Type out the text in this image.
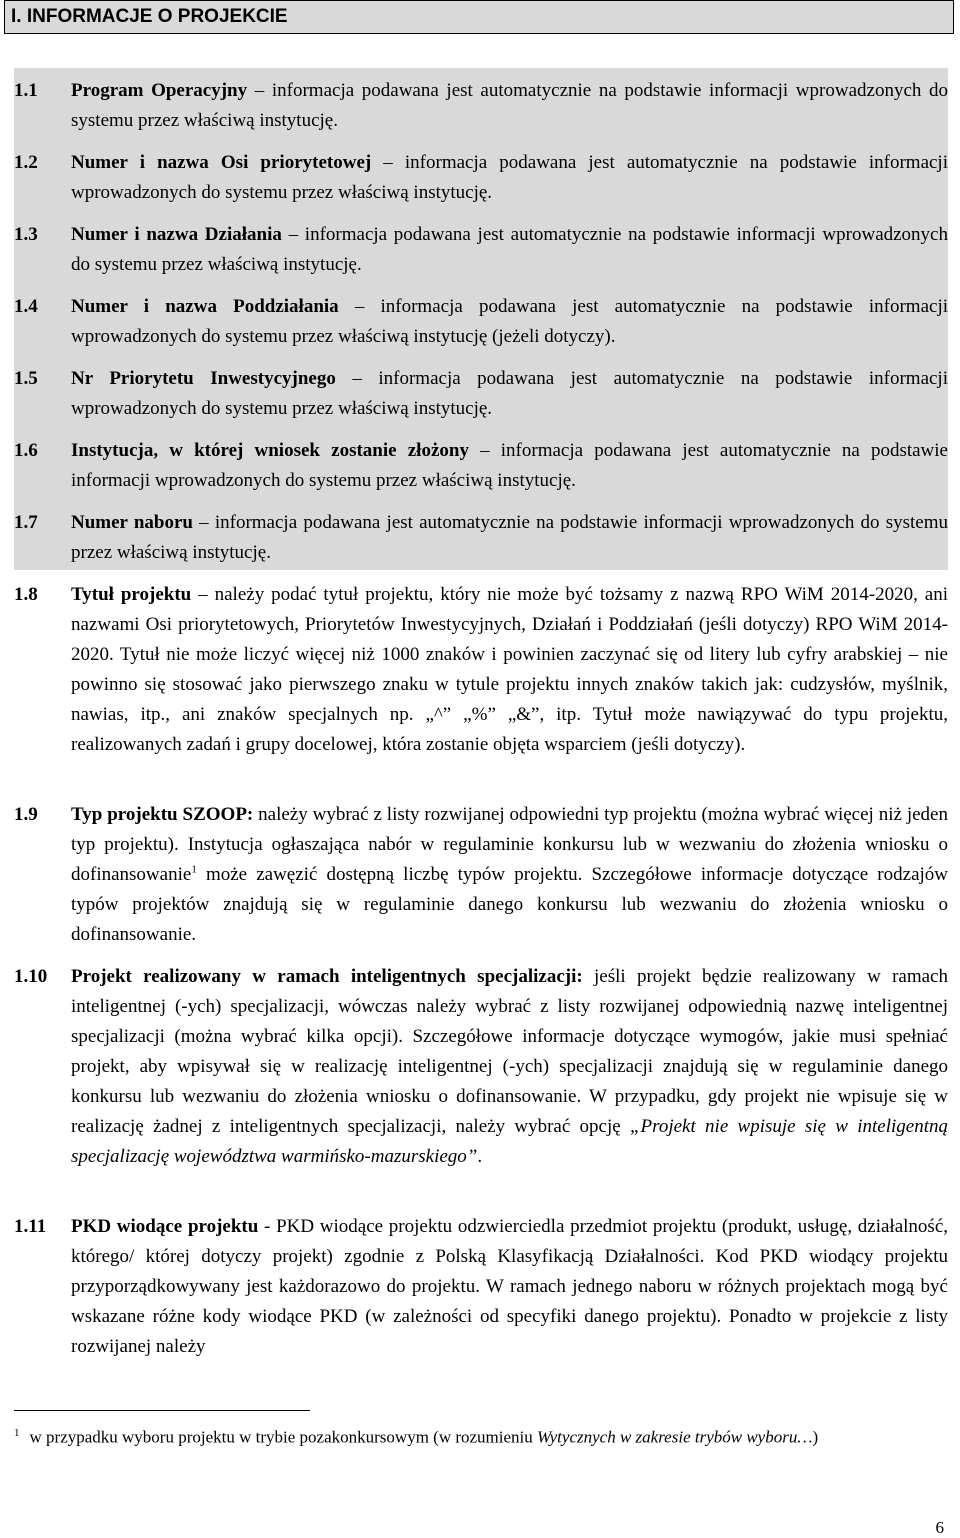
I. INFORMACJE O PROJEKCIE
1.1 Program Operacyjny – informacja podawana jest automatycznie na podstawie informacji wprowadzonych do systemu przez właściwą instytucję.
1.2 Numer i nazwa Osi priorytetowej – informacja podawana jest automatycznie na podstawie informacji wprowadzonych do systemu przez właściwą instytucję.
1.3 Numer i nazwa Działania – informacja podawana jest automatycznie na podstawie informacji wprowadzonych do systemu przez właściwą instytucję.
1.4 Numer i nazwa Poddziałania – informacja podawana jest automatycznie na podstawie informacji wprowadzonych do systemu przez właściwą instytucję (jeżeli dotyczy).
1.5 Nr Priorytetu Inwestycyjnego – informacja podawana jest automatycznie na podstawie informacji wprowadzonych do systemu przez właściwą instytucję.
1.6 Instytucja, w której wniosek zostanie złożony – informacja podawana jest automatycznie na podstawie informacji wprowadzonych do systemu przez właściwą instytucję.
1.7 Numer naboru – informacja podawana jest automatycznie na podstawie informacji wprowadzonych do systemu przez właściwą instytucję.
1.8 Tytuł projektu – należy podać tytuł projektu, który nie może być tożsamy z nazwą RPO WiM 2014-2020, ani nazwami Osi priorytetowych, Priorytetów Inwestycyjnych, Działań i Poddziałań (jeśli dotyczy) RPO WiM 2014-2020. Tytuł nie może liczyć więcej niż 1000 znaków i powinien zaczynać się od litery lub cyfry arabskiej – nie powinno się stosować jako pierwszego znaku w tytule projektu innych znaków takich jak: cudzysłów, myślnik, nawias, itp., ani znaków specjalnych np. „^” „%” „&”, itp. Tytuł może nawiązywać do typu projektu, realizowanych zadań i grupy docelowej, która zostanie objęta wsparciem (jeśli dotyczy).
1.9 Typ projektu SZOOP: należy wybrać z listy rozwijanej odpowiedni typ projektu (można wybrać więcej niż jeden typ projektu). Instytucja ogłaszająca nabór w regulaminie konkursu lub w wezwaniu do złożenia wniosku o dofinansowanie$^1$ może zawęzić dostępną liczbę typów projektu. Szczegółowe informacje dotyczące rodzajów typów projektów znajdują się w regulaminie danego konkursu lub wezwaniu do złożenia wniosku o dofinansowanie.
1.10 Projekt realizowany w ramach inteligentnych specjalizacji: jeśli projekt będzie realizowany w ramach inteligentnej (-ych) specjalizacji, wówczas należy wybrać z listy rozwijanej odpowiednią nazwę inteligentnej specjalizacji (można wybrać kilka opcji). Szczegółowe informacje dotyczące wymogów, jakie musi spełniać projekt, aby wpisywał się w realizację inteligentnej (-ych) specjalizacji znajdują się w regulaminie danego konkursu lub wezwaniu do złożenia wniosku o dofinansowanie. W przypadku, gdy projekt nie wpisuje się w realizację żadnej z inteligentnych specjalizacji, należy wybrać opcję „Projekt nie wpisuje się w inteligentną specjalizację województwa warmińsko-mazurskiego”.
1.11 PKD wiodące projektu - PKD wiodące projektu odzwierciedla przedmiot projektu (produkt, usługę, działalność, którego/ której dotyczy projekt) zgodnie z Polską Klasyfikacją Działalności. Kod PKD wiodący projektu przyporządkowywany jest każdorazowo do projektu. W ramach jednego naboru w różnych projektach mogą być wskazane różne kody wiodące PKD (w zależności od specyfiki danego projektu). Ponadto w projekcie z listy rozwijanej należy
$^1$ w przypadku wyboru projektu w trybie pozakonkursowym (w rozumieniu Wytycznych w zakresie trybów wyboru…)
6
